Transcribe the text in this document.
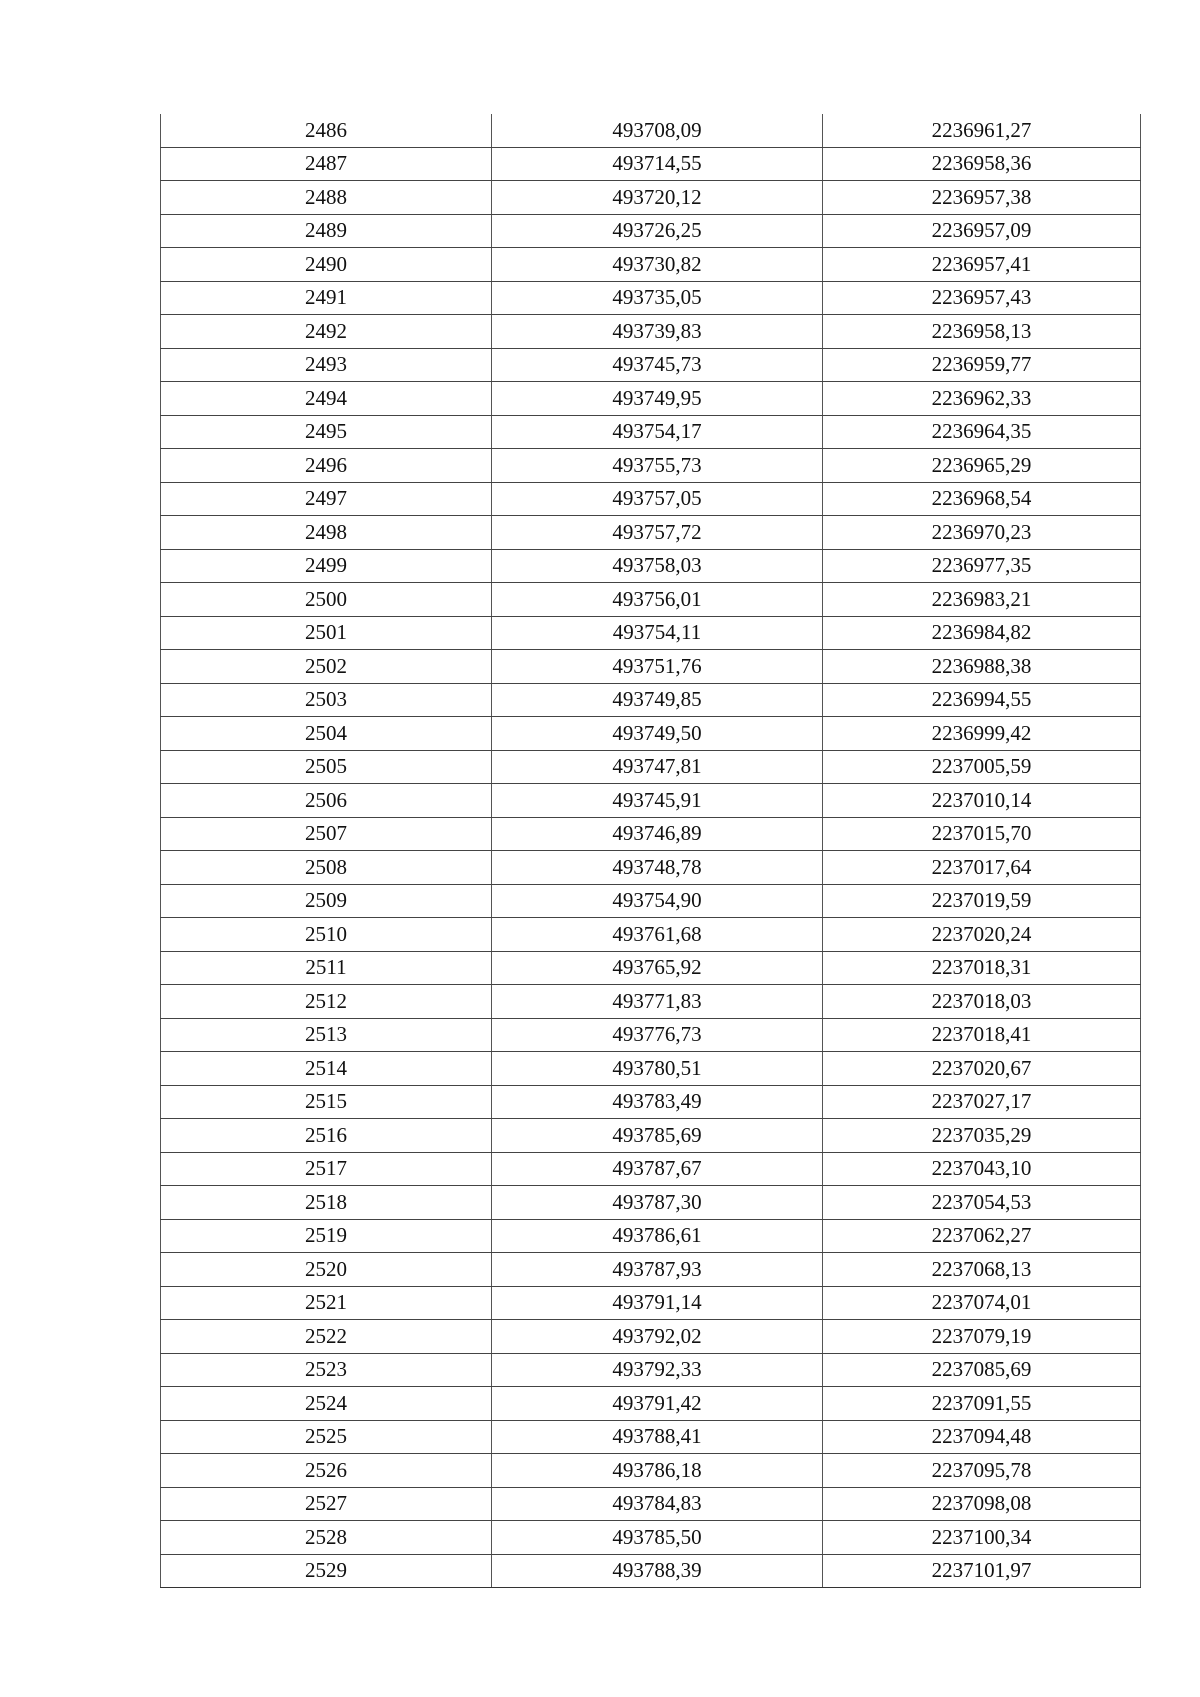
2486	493708,09	2236961,27
2487	493714,55	2236958,36
2488	493720,12	2236957,38
2489	493726,25	2236957,09
2490	493730,82	2236957,41
2491	493735,05	2236957,43
2492	493739,83	2236958,13
2493	493745,73	2236959,77
2494	493749,95	2236962,33
2495	493754,17	2236964,35
2496	493755,73	2236965,29
2497	493757,05	2236968,54
2498	493757,72	2236970,23
2499	493758,03	2236977,35
2500	493756,01	2236983,21
2501	493754,11	2236984,82
2502	493751,76	2236988,38
2503	493749,85	2236994,55
2504	493749,50	2236999,42
2505	493747,81	2237005,59
2506	493745,91	2237010,14
2507	493746,89	2237015,70
2508	493748,78	2237017,64
2509	493754,90	2237019,59
2510	493761,68	2237020,24
2511	493765,92	2237018,31
2512	493771,83	2237018,03
2513	493776,73	2237018,41
2514	493780,51	2237020,67
2515	493783,49	2237027,17
2516	493785,69	2237035,29
2517	493787,67	2237043,10
2518	493787,30	2237054,53
2519	493786,61	2237062,27
2520	493787,93	2237068,13
2521	493791,14	2237074,01
2522	493792,02	2237079,19
2523	493792,33	2237085,69
2524	493791,42	2237091,55
2525	493788,41	2237094,48
2526	493786,18	2237095,78
2527	493784,83	2237098,08
2528	493785,50	2237100,34
2529	493788,39	2237101,97
